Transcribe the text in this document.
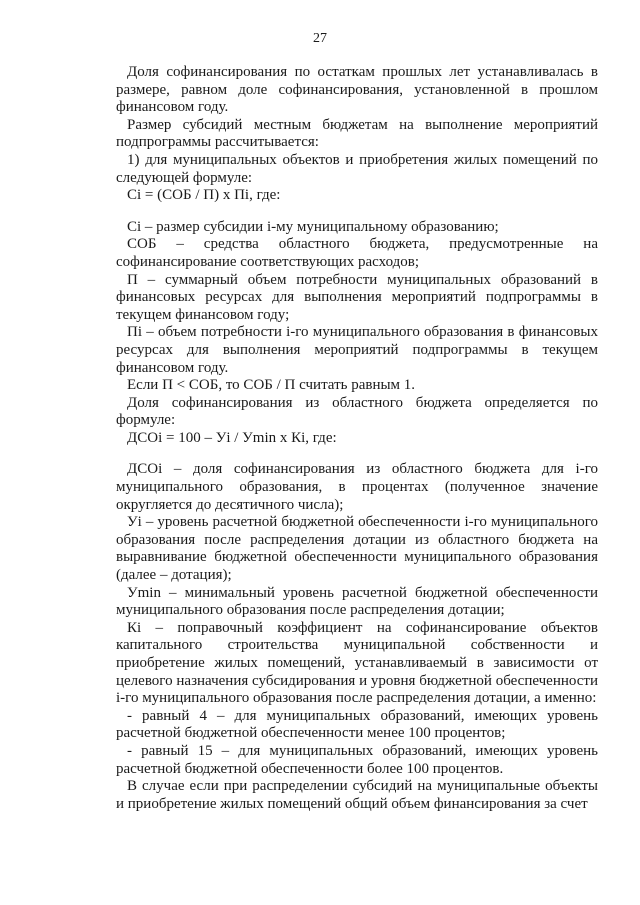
27

Доля софинансирования по остаткам прошлых лет устанавливалась в размере, равном доле софинансирования, установленной в прошлом финансовом году.

Размер субсидий местным бюджетам на выполнение мероприятий подпрограммы рассчитывается:

1) для муниципальных объектов и приобретения жилых помещений по следующей формуле:

Ci = (СОБ / П) x Пi, где:

Ci – размер субсидии i-му муниципальному образованию;

СОБ – средства областного бюджета, предусмотренные на софинансирование соответствующих расходов;

П – суммарный объем потребности муниципальных образований в финансовых ресурсах для выполнения мероприятий подпрограммы в текущем финансовом году;

Пi – объем потребности i-го муниципального образования в финансовых ресурсах для выполнения мероприятий подпрограммы в текущем финансовом году.

Если П < СОБ, то СОБ / П считать равным 1.

Доля софинансирования из областного бюджета определяется по формуле:

ДСОi = 100 – Уi / Уmin x Кi, где:

ДСОi – доля софинансирования из областного бюджета для i-го муниципального образования, в процентах (полученное значение округляется до десятичного числа);

Уi – уровень расчетной бюджетной обеспеченности i-го муниципального образования после распределения дотации из областного бюджета на выравнивание бюджетной обеспеченности муниципального образования (далее – дотация);

Уmin – минимальный уровень расчетной бюджетной обеспеченности муниципального образования после распределения дотации;

Кi – поправочный коэффициент на софинансирование объектов капитального строительства муниципальной собственности и приобретение жилых помещений, устанавливаемый в зависимости от целевого назначения субсидирования и уровня бюджетной обеспеченности i-го муниципального образования после распределения дотации, а именно:

- равный 4 – для муниципальных образований, имеющих уровень расчетной бюджетной обеспеченности менее 100 процентов;

- равный 15 – для муниципальных образований, имеющих уровень расчетной бюджетной обеспеченности более 100 процентов.

В случае если при распределении субсидий на муниципальные объекты и приобретение жилых помещений общий объем финансирования за счет
